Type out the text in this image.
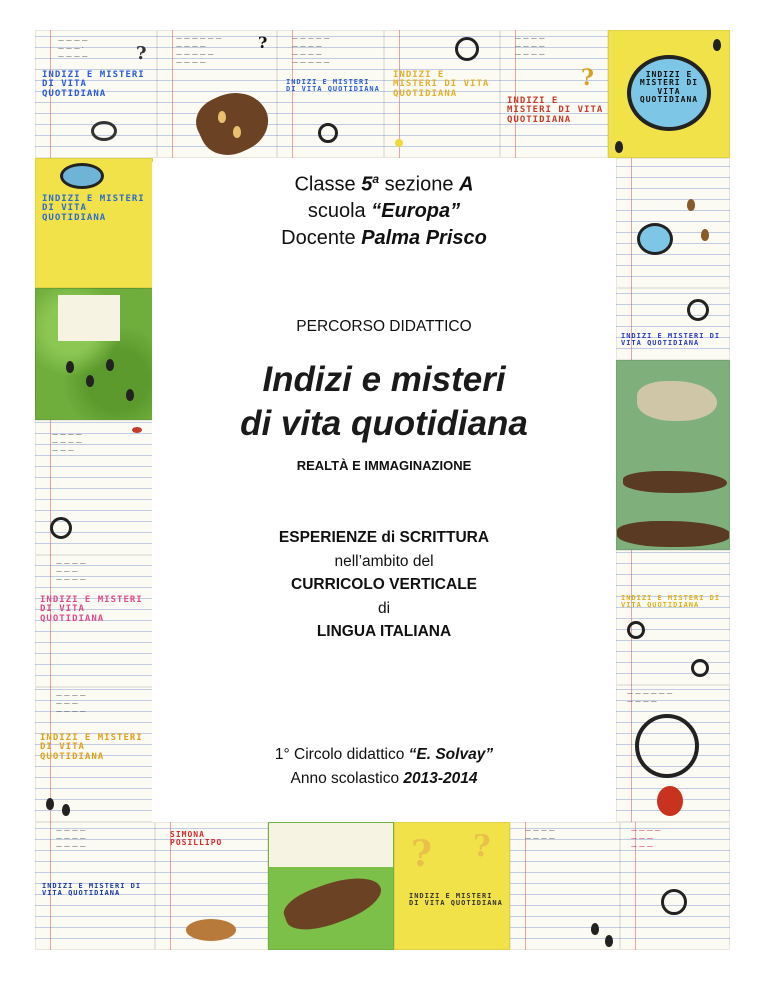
— — — —
— — — ·
— — — —
INDIZI E MISTERI DI VITA QUOTIDIANA
?
— — — — — —
— — — —
— — — — —
— — — —
?	— — — — —
— — — —
— — — —
— — — — —
INDIZI E MISTERI DI VITA QUOTIDIANA
INDIZI E MISTERI DI VITA QUOTIDIANA
— — — —
— — — —
— — — —
INDIZI E MISTERI DI VITA QUOTIDIANA
?	INDIZI E MISTERI DI VITA QUOTIDIANA
INDIZI E MISTERI DI VITA QUOTIDIANA
— — — —
— — — —
— — —
— — — —
— — —
— — — —
INDIZI E MISTERI DI VITA QUOTIDIANA
— — — —
— — —
— — — —
INDIZI E MISTERI DI VITA QUOTIDIANA
INDIZI E MISTERI DI VITA QUOTIDIANA
INDIZI E MISTERI DI VITA QUOTIDIANA
— — — — — —
— — — —
— — — —
— — — —
— — — —
INDIZI E MISTERI DI VITA QUOTIDIANA
SIMONA POSILLIPO	? ?
INDIZI E MISTERI DI VITA QUOTIDIANA
— — — —
— — — —
— — — —
— — —
— — —
Classe 5$^a$ sezione A
scuola “Europa”
Docente Palma Prisco
PERCORSO DIDATTICO
Indizi e misteri
di vita quotidiana
REALTÀ E IMMAGINAZIONE
ESPERIENZE di SCRITTURA
nell’ambito del
CURRICOLO VERTICALE
di
LINGUA ITALIANA
1° Circolo didattico “E. Solvay”
Anno scolastico 2013-2014
